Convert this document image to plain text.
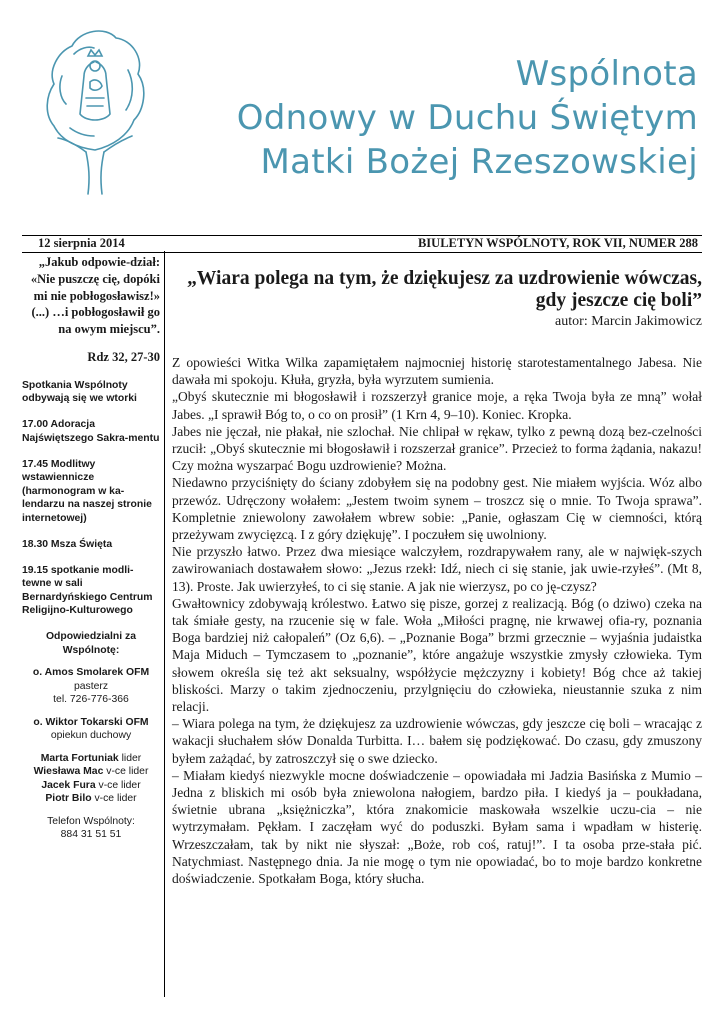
Wspólnota
Odnowy w Duchu Świętym
Matki Bożej Rzeszowskiej
12 sierpnia 2014	BIULETYN WSPÓLNOTY, ROK VII, NUMER 288
„Jakub odpowie-dział: «Nie puszczę cię, dopóki mi nie pobłogosławisz!» (...) …i pobłogosławił go na owym miejscu”.
Rdz 32, 27-30

Spotkania Wspólnoty odbywają się we wtorki

17.00 Adoracja Najświętszego Sakra-mentu

17.45 Modlitwy wstawiennicze (harmonogram w ka-lendarzu na naszej stronie internetowej)

18.30 Msza Święta

19.15 spotkanie modli-tewne w sali Bernardyńskiego Centrum Religijno-Kulturowego

Odpowiedzialni za Wspólnotę:

o. Amos Smolarek OFM
pasterz
tel. 726-776-366

o. Wiktor Tokarski OFM
opiekun duchowy

Marta Fortuniak lider
Wiesława Mac v-ce lider
Jacek Fura v-ce lider
Piotr Bilo v-ce lider

Telefon Wspólnoty:
884 31 51 51

„Wiara polega na tym, że dziękujesz za uzdrowienie wówczas, gdy jeszcze cię boli”
autor: Marcin Jakimowicz

Z opowieści Witka Wilka zapamiętałem najmocniej historię starotestamentalnego Jabesa. Nie dawała mi spokoju. Kłuła, gryzła, była wyrzutem sumienia.

„Obyś skutecznie mi błogosławił i rozszerzył granice moje, a ręka Twoja była ze mną” wołał Jabes. „I sprawił Bóg to, o co on prosił” (1 Krn 4, 9–10). Koniec. Kropka.

Jabes nie jęczał, nie płakał, nie szlochał. Nie chlipał w rękaw, tylko z pewną dozą bez-czelności rzucił: „Obyś skutecznie mi błogosławił i rozszerzał granice”. Przecież to forma żądania, nakazu! Czy można wyszarpać Bogu uzdrowienie? Można.

Niedawno przyciśnięty do ściany zdobyłem się na podobny gest. Nie miałem wyjścia. Wóz albo przewóz. Udręczony wołałem: „Jestem twoim synem – troszcz się o mnie. To Twoja sprawa”. Kompletnie zniewolony zawołałem wbrew sobie: „Panie, ogłaszam Cię w ciemności, którą przeżywam zwycięzcą. I z góry dziękuję”. I poczułem się uwolniony.

Nie przyszło łatwo. Przez dwa miesiące walczyłem, rozdrapywałem rany, ale w najwięk-szych zawirowaniach dostawałem słowo: „Jezus rzekł: Idź, niech ci się stanie, jak uwie-rzyłeś”. (Mt 8, 13). Proste. Jak uwierzyłeś, to ci się stanie. A jak nie wierzysz, po co ję-czysz?

Gwałtownicy zdobywają królestwo. Łatwo się pisze, gorzej z realizacją. Bóg (o dziwo) czeka na tak śmiałe gesty, na rzucenie się w fale. Woła „Miłości pragnę, nie krwawej ofia-ry, poznania Boga bardziej niż całopaleń” (Oz 6,6). – „Poznanie Boga” brzmi grzecznie – wyjaśnia judaistka Maja Miduch – Tymczasem to „poznanie”, które angażuje wszystkie zmysły człowieka. Tym słowem określa się też akt seksualny, współżycie mężczyzny i kobiety! Bóg chce aż takiej bliskości. Marzy o takim zjednoczeniu, przylgnięciu do człowieka, nieustannie szuka z nim relacji.

– Wiara polega na tym, że dziękujesz za uzdrowienie wówczas, gdy jeszcze cię boli – wracając z wakacji słuchałem słów Donalda Turbitta. I… bałem się podziękować. Do czasu, gdy zmuszony byłem zażądać, by zatroszczył się o swe dziecko.

– Miałam kiedyś niezwykle mocne doświadczenie – opowiadała mi Jadzia Basińska z Mumio – Jedna z bliskich mi osób była zniewolona nałogiem, bardzo piła. I kiedyś ja – poukładana, świetnie ubrana „księżniczka”, która znakomicie maskowała wszelkie uczu-cia – nie wytrzymałam. Pękłam. I zaczęłam wyć do poduszki. Byłam sama i wpadłam w histerię. Wrzeszczałam, tak by nikt nie słyszał: „Boże, rob coś, ratuj!”. I ta osoba prze-stała pić. Natychmiast. Następnego dnia. Ja nie mogę o tym nie opowiadać, bo to moje bardzo konkretne doświadczenie. Spotkałam Boga, który słucha.
